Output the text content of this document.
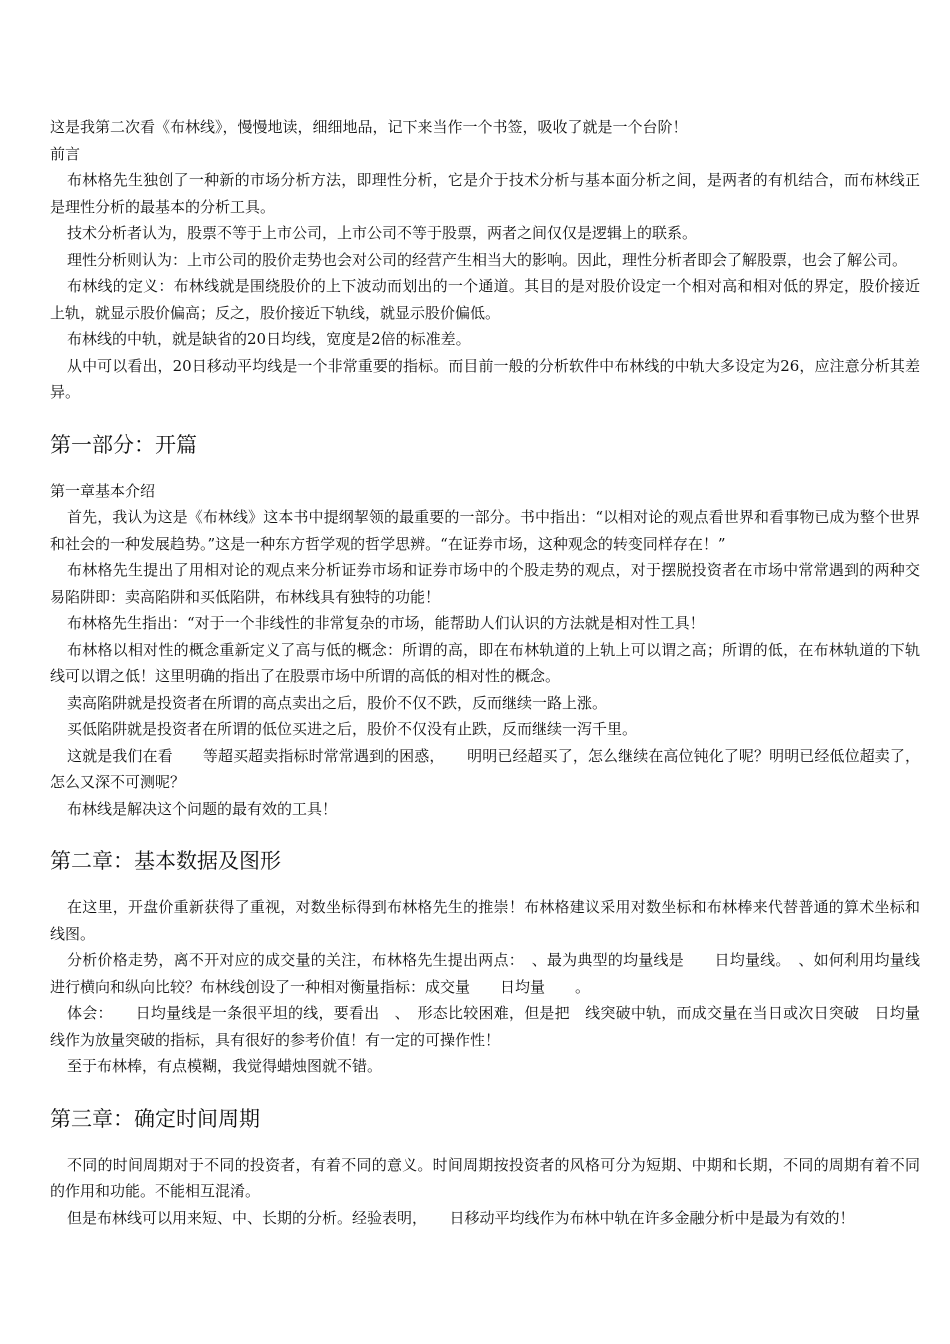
这是我第二次看《布林线》，慢慢地读，细细地品，记下来当作一个书签，吸收了就是一个台阶！

前言

布林格先生独创了一种新的市场分析方法，即理性分析，它是介于技术分析与基本面分析之间，是两者的有机结合，而布林线正是理性分析的最基本的分析工具。

技术分析者认为，股票不等于上市公司，上市公司不等于股票，两者之间仅仅是逻辑上的联系。

理性分析则认为：上市公司的股价走势也会对公司的经营产生相当大的影响。因此，理性分析者即会了解股票，也会了解公司。

布林线的定义：布林线就是围绕股价的上下波动而划出的一个通道。其目的是对股价设定一个相对高和相对低的界定，股价接近上轨，就显示股价偏高；反之，股价接近下轨线，就显示股价偏低。

布林线的中轨，就是缺省的20日均线，宽度是2倍的标准差。

从中可以看出，20日移动平均线是一个非常重要的指标。而目前一般的分析软件中布林线的中轨大多设定为26，应注意分析其差异。

第一部分：开篇

第一章基本介绍

首先，我认为这是《布林线》这本书中提纲挈领的最重要的一部分。书中指出：“以相对论的观点看世界和看事物已成为整个世界和社会的一种发展趋势。”这是一种东方哲学观的哲学思辨。“在证券市场，这种观念的转变同样存在！”

布林格先生提出了用相对论的观点来分析证券市场和证券市场中的个股走势的观点，对于摆脱投资者在市场中常常遇到的两种交易陷阱即：卖高陷阱和买低陷阱，布林线具有独特的功能！

布林格先生指出：“对于一个非线性的非常复杂的市场，能帮助人们认识的方法就是相对性工具！

布林格以相对性的概念重新定义了高与低的概念：所谓的高，即在布林轨道的上轨上可以谓之高；所谓的低，在布林轨道的下轨线可以谓之低！这里明确的指出了在股票市场中所谓的高低的相对性的概念。

卖高陷阱就是投资者在所谓的高点卖出之后，股价不仅不跌，反而继续一路上涨。

买低陷阱就是投资者在所谓的低位买进之后，股价不仅没有止跌，反而继续一泻千里。

这就是我们在看　　等超买超卖指标时常常遇到的困惑，　　明明已经超买了，怎么继续在高位钝化了呢？明明已经低位超卖了，怎么又深不可测呢？

布林线是解决这个问题的最有效的工具！

第二章：基本数据及图形

在这里，开盘价重新获得了重视，对数坐标得到布林格先生的推崇！布林格建议采用对数坐标和布林棒来代替普通的算术坐标和 线图。

分析价格走势，离不开对应的成交量的关注，布林格先生提出两点：　、最为典型的均量线是　　日均量线。　、如何利用均量线进行横向和纵向比较？布林线创设了一种相对衡量指标：成交量　　日均量　　。

体会：　　日均量线是一条很平坦的线，要看出　、　形态比较困难，但是把　线突破中轨，而成交量在当日或次日突破　日均量线作为放量突破的指标，具有很好的参考价值！有一定的可操作性！

至于布林棒，有点模糊，我觉得蜡烛图就不错。

第三章：确定时间周期

不同的时间周期对于不同的投资者，有着不同的意义。时间周期按投资者的风格可分为短期、中期和长期，不同的周期有着不同的作用和功能。不能相互混淆。

但是布林线可以用来短、中、长期的分析。经验表明，　　日移动平均线作为布林中轨在许多金融分析中是最为有效的！
